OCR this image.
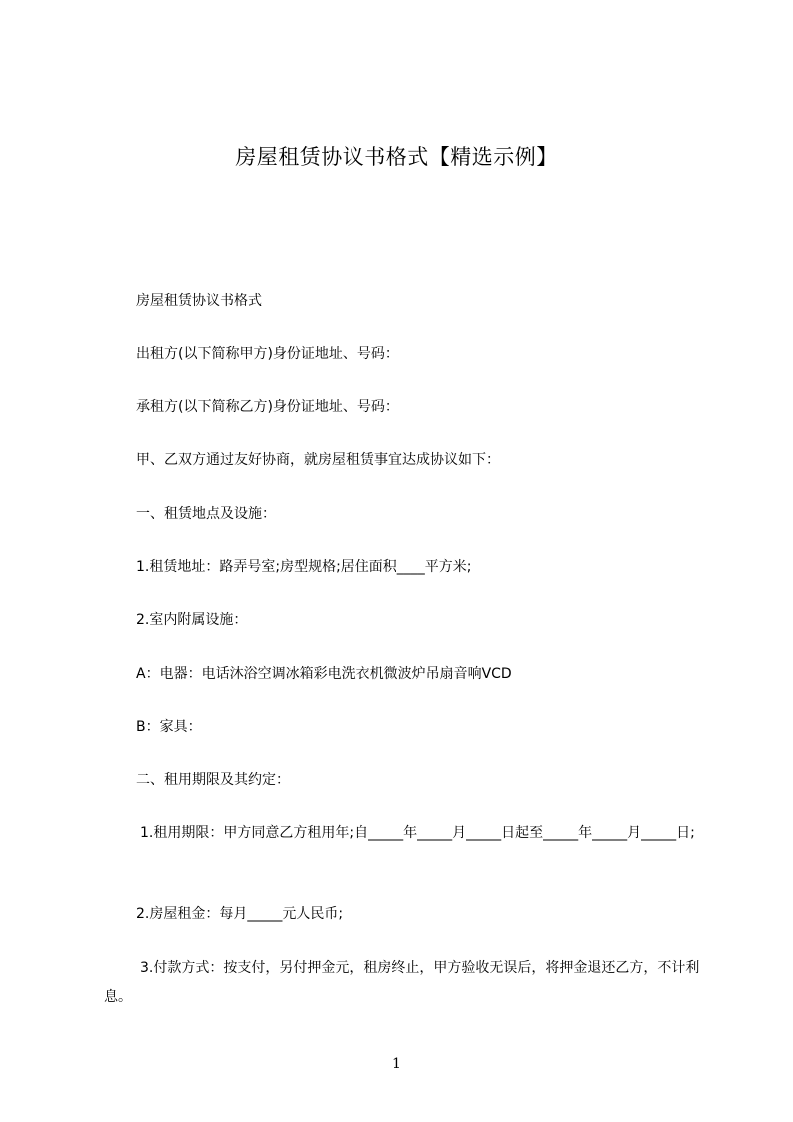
房屋租赁协议书格式【精选示例】

房屋租赁协议书格式

出租方(以下简称甲方)身份证地址、号码：

承租方(以下简称乙方)身份证地址、号码：

甲、乙双方通过友好协商，就房屋租赁事宜达成协议如下：

一、租赁地点及设施：

1.租赁地址：路弄号室;房型规格;居住面积____平方米;

2.室内附属设施：

A：电器：电话沐浴空调冰箱彩电洗衣机微波炉吊扇音响VCD

B：家具：

二、租用期限及其约定：

1.租用期限：甲方同意乙方租用年;自_____年_____月_____日起至_____年_____月_____日;

2.房屋租金：每月_____元人民币;

3.付款方式：按支付，另付押金元，租房终止，甲方验收无误后，将押金退还乙方，不计利息。

1
